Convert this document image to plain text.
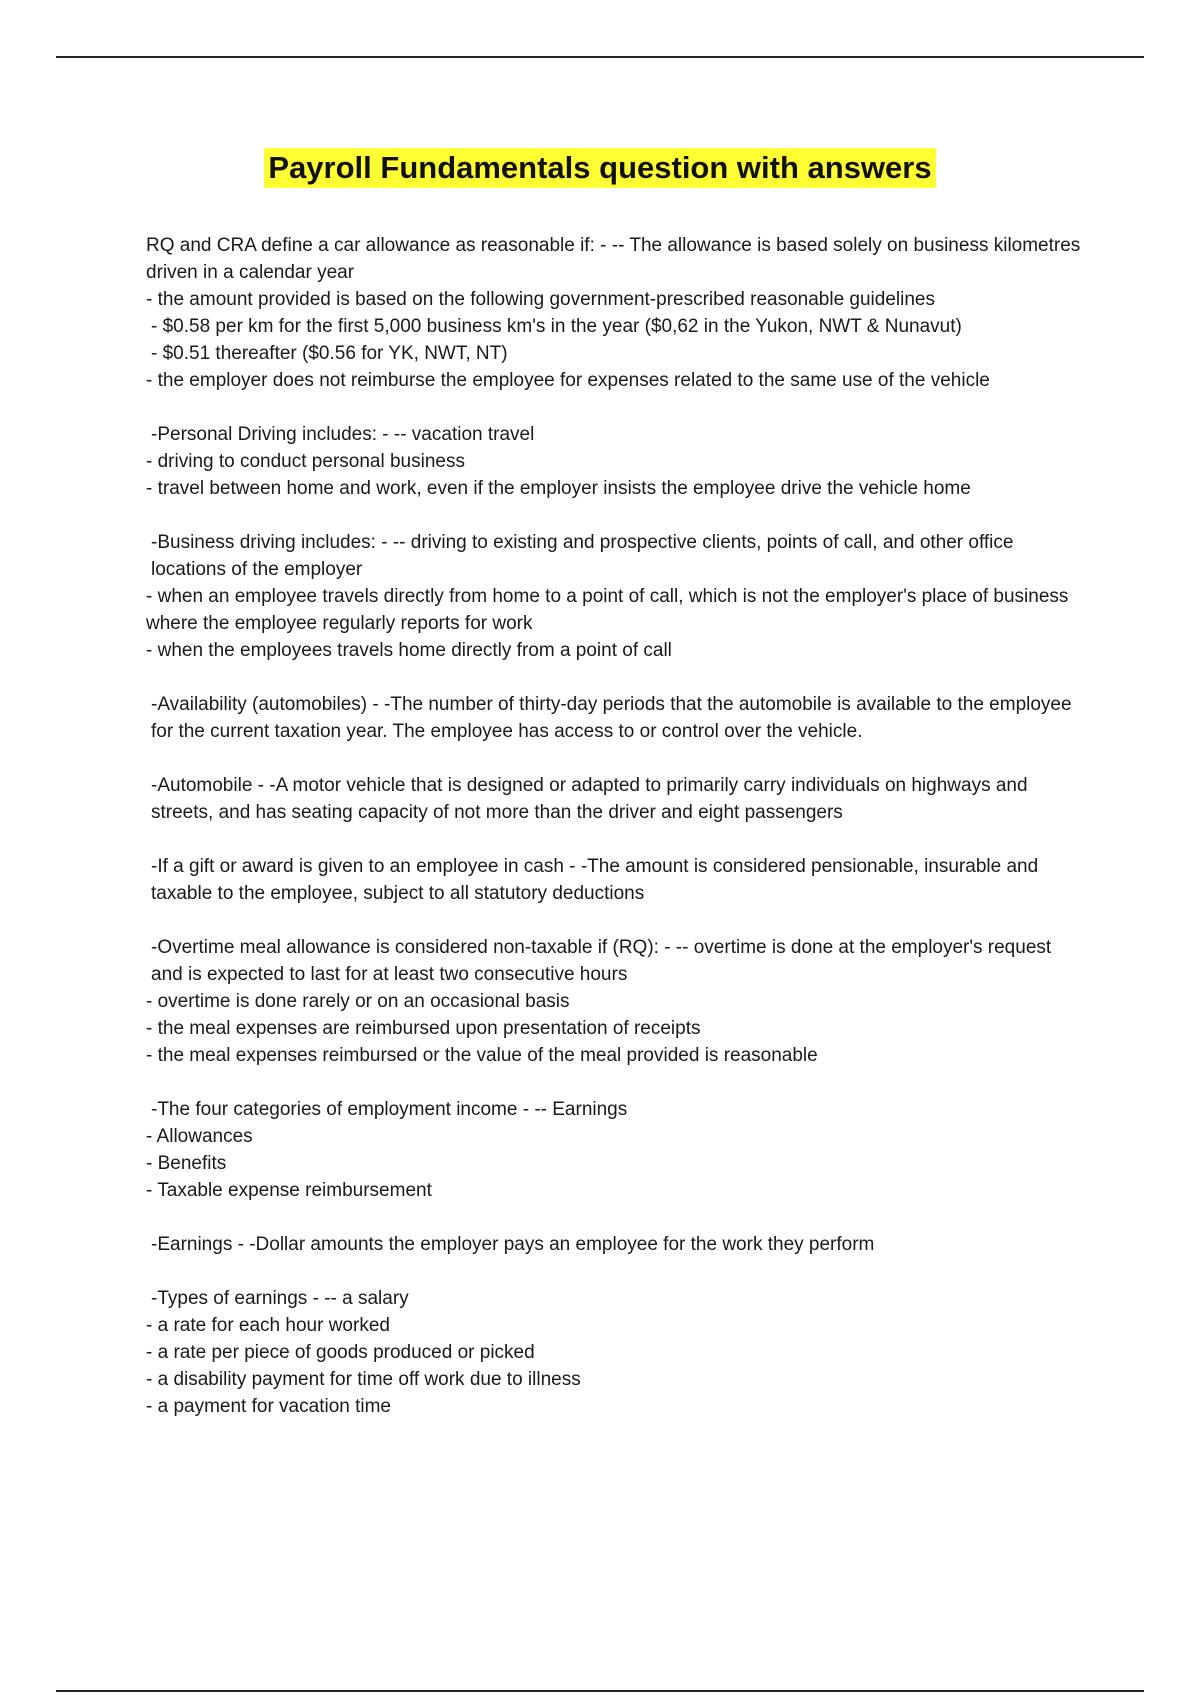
Payroll Fundamentals question with answers
RQ and CRA define a car allowance as reasonable if: - -- The allowance is based solely on business kilometres driven in a calendar year
- the amount provided is based on the following government-prescribed reasonable guidelines
- $0.58 per km for the first 5,000 business km's in the year ($0,62 in the Yukon, NWT & Nunavut)
- $0.51 thereafter ($0.56 for YK, NWT, NT)
- the employer does not reimburse the employee for expenses related to the same use of the vehicle
-Personal Driving includes: - -- vacation travel
- driving to conduct personal business
- travel between home and work, even if the employer insists the employee drive the vehicle home
-Business driving includes: - -- driving to existing and prospective clients, points of call, and other office locations of the employer
- when an employee travels directly from home to a point of call, which is not the employer's place of business where the employee regularly reports for work
- when the employees travels home directly from a point of call
-Availability (automobiles) - -The number of thirty-day periods that the automobile is available to the employee for the current taxation year. The employee has access to or control over the vehicle.
-Automobile - -A motor vehicle that is designed or adapted to primarily carry individuals on highways and streets, and has seating capacity of not more than the driver and eight passengers
-If a gift or award is given to an employee in cash - -The amount is considered pensionable, insurable and taxable to the employee, subject to all statutory deductions
-Overtime meal allowance is considered non-taxable if (RQ): - -- overtime is done at the employer's request and is expected to last for at least two consecutive hours
- overtime is done rarely or on an occasional basis
- the meal expenses are reimbursed upon presentation of receipts
- the meal expenses reimbursed or the value of the meal provided is reasonable
-The four categories of employment income - -- Earnings
- Allowances
- Benefits
- Taxable expense reimbursement
-Earnings - -Dollar amounts the employer pays an employee for the work they perform
-Types of earnings - -- a salary
- a rate for each hour worked
- a rate per piece of goods produced or picked
- a disability payment for time off work due to illness
- a payment for vacation time
